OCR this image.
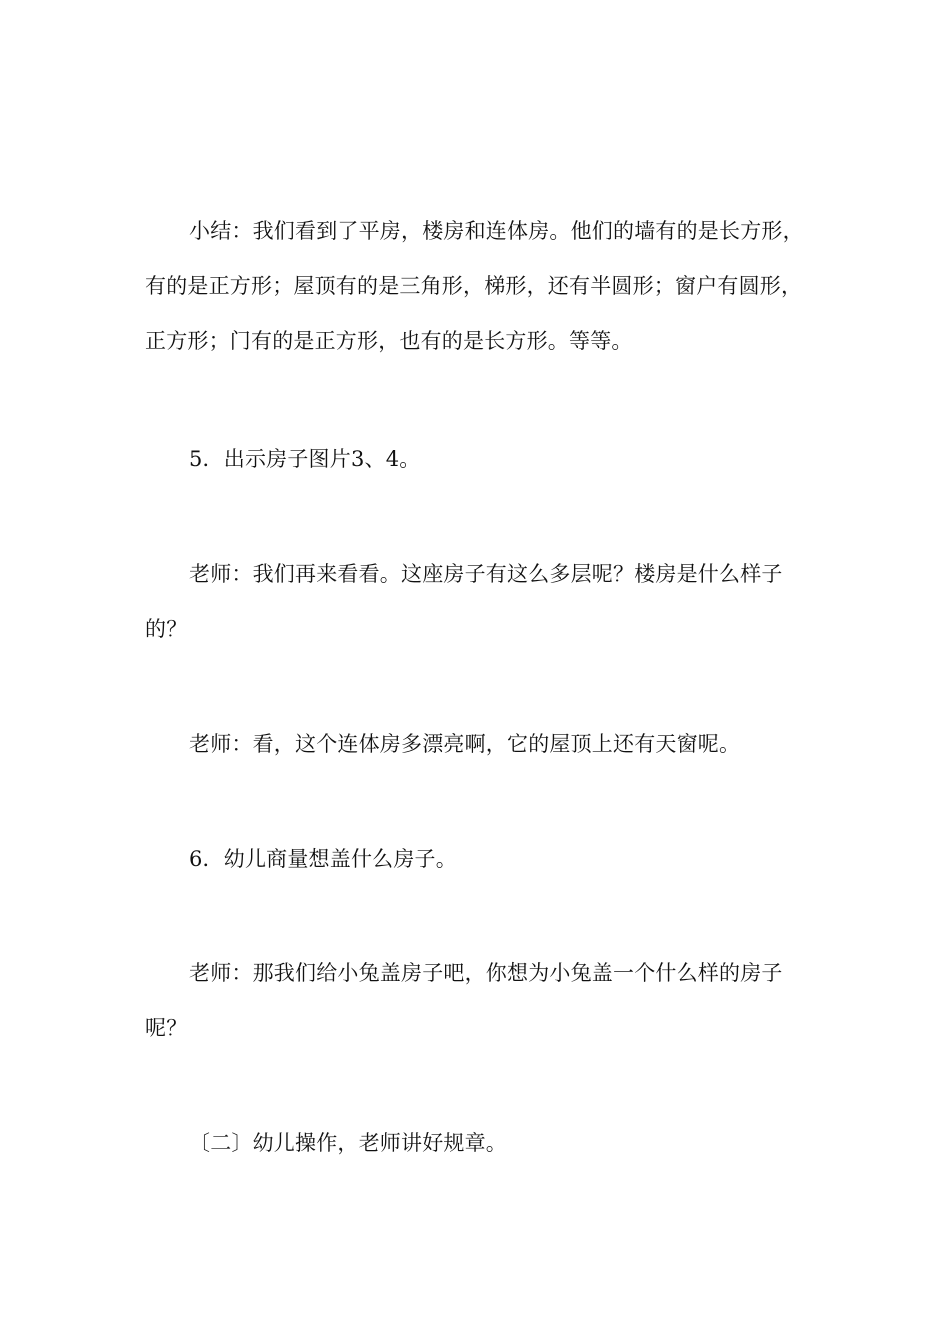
小结：我们看到了平房，楼房和连体房。他们的墙有的是长方形，有的是正方形；屋顶有的是三角形，梯形，还有半圆形；窗户有圆形，正方形；门有的是正方形，也有的是长方形。等等。

5．出示房子图片3、4。

老师：我们再来看看。这座房子有这么多层呢？楼房是什么样子的？

老师：看，这个连体房多漂亮啊，它的屋顶上还有天窗呢。

6．幼儿商量想盖什么房子。

老师：那我们给小兔盖房子吧，你想为小兔盖一个什么样的房子呢？

〔二〕幼儿操作，老师讲好规章。
